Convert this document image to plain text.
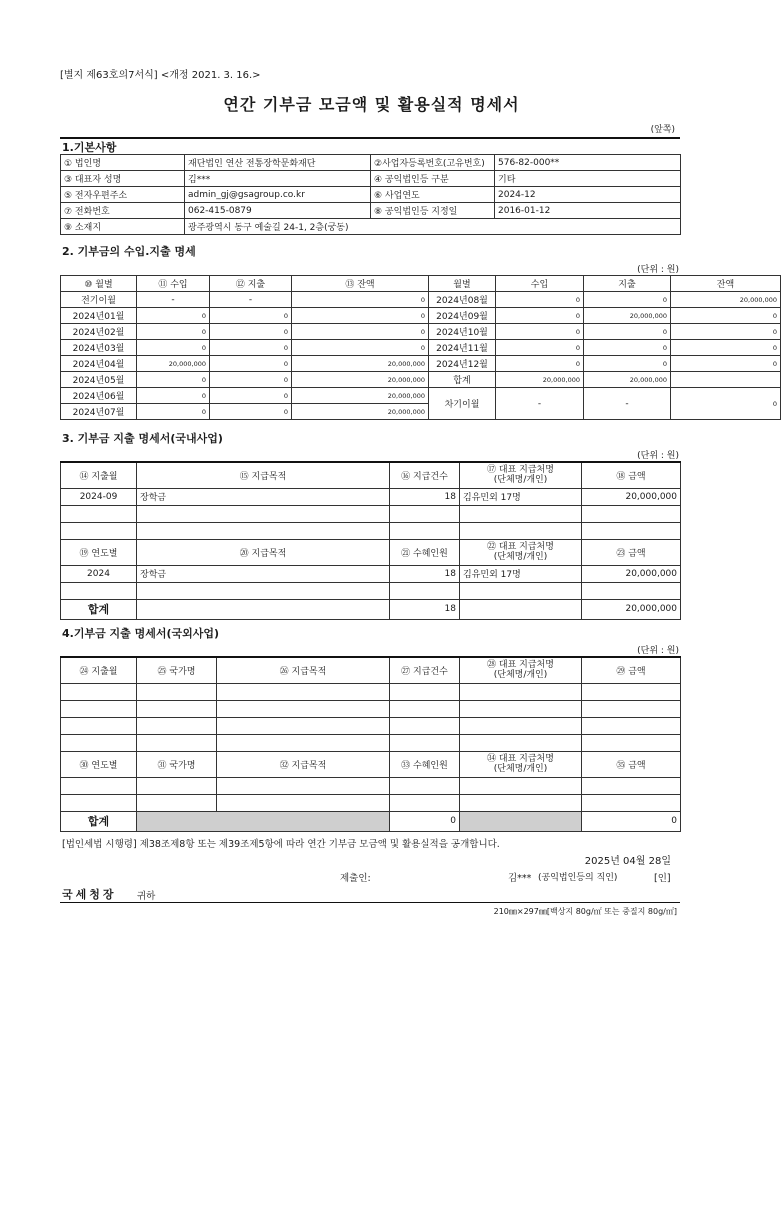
[별지 제63호의7서식] <개정 2021. 3. 16.>
연간 기부금 모금액 및 활용실적 명세서
(앞쪽)
1.기본사항
① 법인명	재단법인 연산 전통장학문화재단	②사업자등록번호(고유번호)	576-82-000**
③ 대표자 성명	김***	④ 공익법인등 구분	기타
⑤ 전자우편주소	admin_gj@gsagroup.co.kr	⑥ 사업연도	2024-12
⑦ 전화번호	062-415-0879	⑧ 공익법인등 지정일	2016-01-12
⑨ 소재지	광주광역시 동구 예술길 24-1, 2층(궁동)		
2. 기부금의 수입.지출 명세
(단위 : 원)
⑩ 월별	⑪ 수입	⑫ 지출	⑬ 잔액	월별	수입	지출	잔액
전기이월	-	-	0	2024년08월	0	0	20,000,000
2024년01월	0	0	0	2024년09월	0	20,000,000	0
2024년02월	0	0	0	2024년10월	0	0	0
2024년03월	0	0	0	2024년11월	0	0	0
2024년04월	20,000,000	0	20,000,000	2024년12월	0	0	0
2024년05월	0	0	20,000,000	합계	20,000,000	20,000,000	
2024년06월	0	0	20,000,000	차기이월	-	-	0
2024년07월	0	0	20,000,000				
3. 기부금 지출 명세서(국내사업)
(단위 : 원)
⑭ 지출월	⑮ 지급목적	⑯ 지급건수	⑰ 대표 지급처명
(단체명/개인)	⑱ 금액
2024-09	장학금	18	김유민외 17명	20,000,000

⑲ 연도별	⑳ 지급목적	㉑ 수혜인원	㉒ 대표 지급처명
(단체명/개인)	㉓ 금액
2024	장학금	18	김유민외 17명	20,000,000

합계		18		20,000,000
4.기부금 지출 명세서(국외사업)
(단위 : 원)
㉔ 지출월	㉕ 국가명	㉖ 지급목적	㉗ 지급건수	㉘ 대표 지급처명
(단체명/개인)	㉙ 금액

㉚ 연도별	㉛ 국가명	㉜ 지급목적	㉝ 수혜인원	㉞ 대표 지급처명
(단체명/개인)	㉟ 금액

합계			0		0
[법인세법 시행령] 제38조제8항 또는 제39조제5항에 따라 연간 기부금 모금액 및 활용실적을 공개합니다.
2025년 04월 28일
제출인:	김*** (공익법인등의 직인)	[인]
국세청장 귀하
210㎜×297㎜[백상지 80g/㎡ 또는 중질지 80g/㎡]
